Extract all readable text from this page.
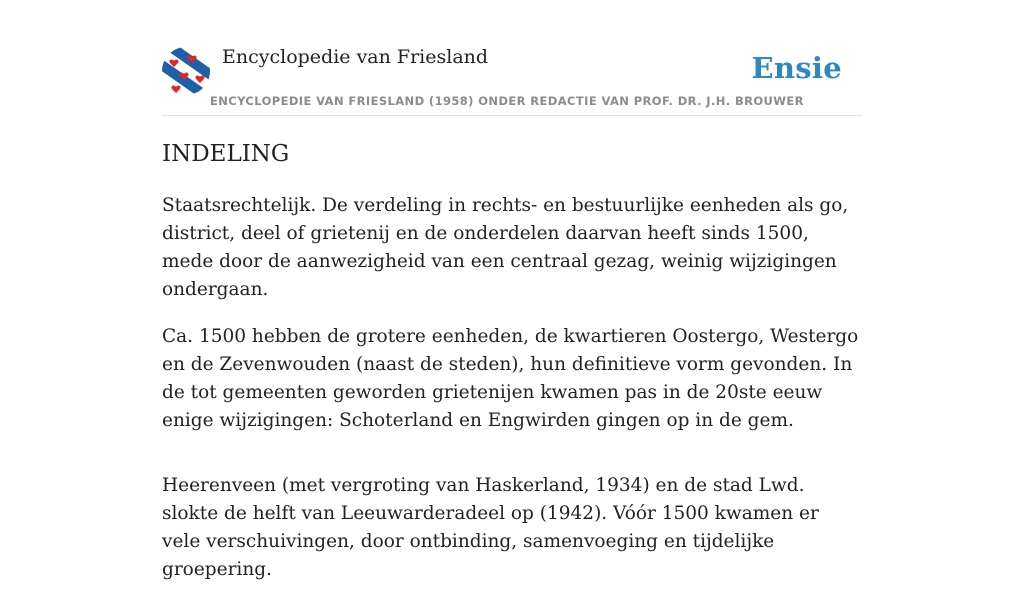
Encyclopedie van Friesland	Ensie
ENCYCLOPEDIE VAN FRIESLAND (1958) ONDER REDACTIE VAN PROF. DR. J.H. BROUWER
INDELING

Staatsrechtelijk. De verdeling in rechts- en bestuurlijke eenheden als go, district, deel of grietenij en de onderdelen daarvan heeft sinds 1500, mede door de aanwezigheid van een centraal gezag, weinig wijzigingen ondergaan.

Ca. 1500 hebben de grotere eenheden, de kwartieren Oostergo, Westergo en de Zevenwouden (naast de steden), hun definitieve vorm gevonden. In de tot gemeenten geworden grietenijen kwamen pas in de 20ste eeuw enige wijzigingen: Schoterland en Engwirden gingen op in de gem.

Heerenveen (met vergroting van Haskerland, 1934) en de stad Lwd. slokte de helft van Leeuwarderadeel op (1942). Vóór 1500 kwamen er vele verschuivingen, door ontbinding, samenvoeging en tijdelijke groepering.
